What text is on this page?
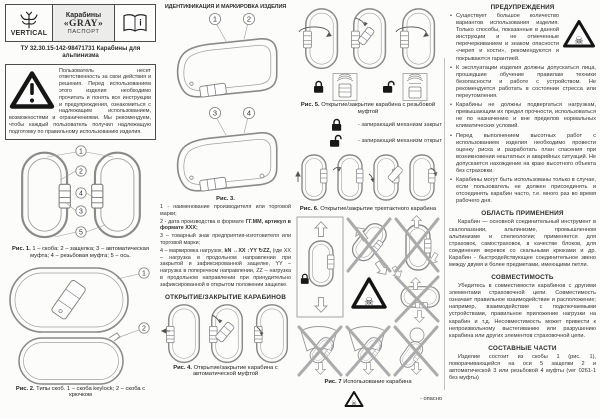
VERTICAL
Карабины
«GRAY»
ПАСПОРТ
i
ТУ 32.30.15-142-98471731 Карабины для альпинизма
Пользователь несет ответственность за свои действия и решения. Перед использованием этого изделия необходимо прочитать и понять все инструкции и предупреждения, ознакомиться с надлежащим использованием, возможностями и ограничениями. Мы рекомендуем, чтобы каждый пользователь получил надлежащую подготовку по правильному использованию изделия.
1
2
4
3
5
Рис. 1. 1 – скоба; 2 – защелка; 3 – автоматическая муфта; 4 – резьбовая муфта; 5 – ось.
1
2
Рис. 2. Типы скоб. 1 – скоба keylock; 2 – скоба с крючком
ИДЕНТИФИКАЦИЯ И МАРКИРОВКА ИЗДЕЛИЯ
1	2
3	4
Рис. 3.
1 - наименование производителя или торговой марки;
2 - дата производства в формате ГГ.ММ, артикул в формате XXX;
3 – товарный знак предприятия-изготовителя или торговой марки;
4 – маркировка нагрузок, kN ↔XX ↕YY ↻ZZ, (где XX – нагрузка в продольном направлении при закрытой и зафиксированной защелке, YY – нагрузка в поперечном направлении, ZZ – нагрузка в продольном направлении при принудительно зафиксированной в открытом положении защелке.
ОТКРЫТИЕ/ЗАКРЫТИЕ КАРАБИНОВ
Рис. 4. Открытие/закрытие карабина с автоматической муфтой
Рис. 5. Открытие/закрытие карабина с резьбовой муфтой
- запирающий механизм закрыт
- запирающий механизм открыт
Рис. 6. Открытие/закрытие трехтактного карабина
☠
Рис. 7 Использование карабина
☠
- опасно
ПРЕДУПРЕЖДЕНИЯ
• ☠
Существует большое количество вариантов использования изделия. Только способы, показанные в данной инструкции и не отмеченные перечеркиванием и знаком опасности «череп и кости», рекомендуются и покрываются гарантией.
• К эксплуатации изделия должны допускаться лица, прошедшие обучение правилам техники безопасности и работе с устройством. Не рекомендуется работать в состоянии стресса или переутомления.
• Карабины не должны подвергаться нагрузкам, превышающим их предел прочности, использоваться не по назначению и вне пределов нормальных климатических условий.
• Перед выполнением высотных работ с использованием изделия необходимо провести оценку риска и разработать план спасения при возникновении нештатных и аварийных ситуаций. Не допускается нахождение на краю высотного объекта без страховки.
• Карабины могут быть использованы только в случае, если пользователь не должен присоединять и отсоединять карабин часто, т.е. много раз во время рабочего дня.
ОБЛАСТЬ ПРИМЕНЕНИЯ
Карабин — основной соединительный инструмент в скалолазании, альпинизме, промышленном альпинизме и спелеологии; применяется для страховок, самостраховок, в качестве блоков, для соединения веревок со скальными крюками и др. Карабин - быстродействующее соединительное звено между двумя и более предметами, имеющими петли.
СОВМЕСТИМОСТЬ
Убедитесь в совместимости карабинов с другими элементами страховочной цепи. Совместимость означает правильное взаимодействие и расположение; например, взаимодействие с подключаемыми устройствами, правильное приложение нагрузки на карабин и т.д. Несовместимость может привести к непроизвольному выстегиванию или разрушению карабина или других элементов страховочной цепи.
СОСТАВНЫЕ ЧАСТИ
Изделие состоит из скобы 1 (рис. 1), поворачивающейся на оси 5 защелки 2 и автоматической 3 или резьбовой 4 муфты (ver 0261-1 без муфты)
